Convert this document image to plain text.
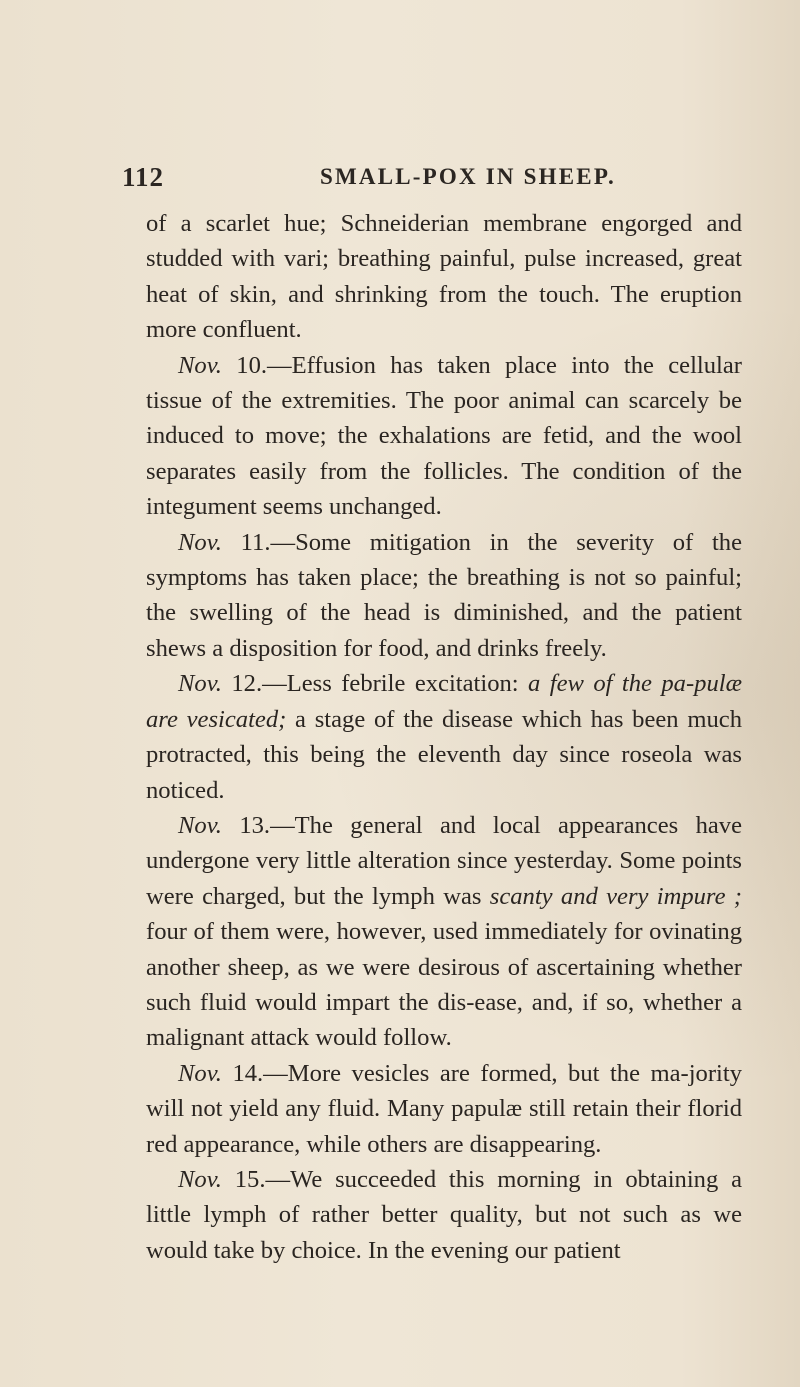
112	SMALL-POX IN SHEEP.

of a scarlet hue; Schneiderian membrane engorged and studded with vari; breathing painful, pulse increased, great heat of skin, and shrinking from the touch. The eruption more confluent.

Nov. 10.—Effusion has taken place into the cellular tissue of the extremities. The poor animal can scarcely be induced to move; the exhalations are fetid, and the wool separates easily from the follicles. The condition of the integument seems unchanged.

Nov. 11.—Some mitigation in the severity of the symptoms has taken place; the breathing is not so painful; the swelling of the head is diminished, and the patient shews a disposition for food, and drinks freely.

Nov. 12.—Less febrile excitation: a few of the pa-pulæ are vesicated; a stage of the disease which has been much protracted, this being the eleventh day since roseola was noticed.

Nov. 13.—The general and local appearances have undergone very little alteration since yesterday. Some points were charged, but the lymph was scanty and very impure ; four of them were, however, used immediately for ovinating another sheep, as we were desirous of ascertaining whether such fluid would impart the dis-ease, and, if so, whether a malignant attack would follow.

Nov. 14.—More vesicles are formed, but the ma-jority will not yield any fluid. Many papulæ still retain their florid red appearance, while others are disappearing.

Nov. 15.—We succeeded this morning in obtaining a little lymph of rather better quality, but not such as we would take by choice. In the evening our patient
